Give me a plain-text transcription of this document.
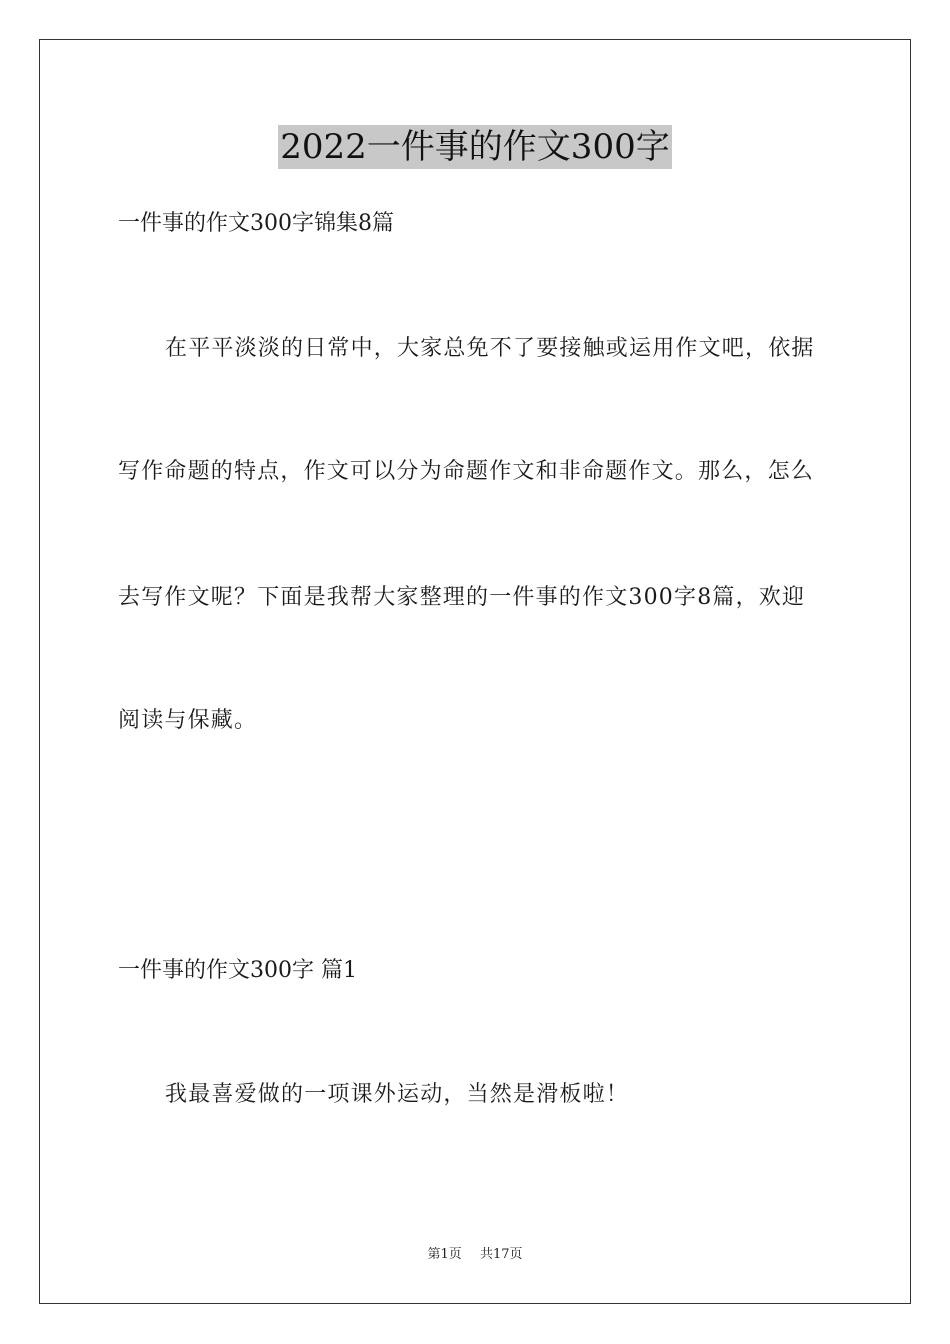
2022一件事的作文300字
一件事的作文300字锦集8篇
在平平淡淡的日常中，大家总免不了要接触或运用作文吧，依据
写作命题的特点，作文可以分为命题作文和非命题作文。那么，怎么
去写作文呢？下面是我帮大家整理的一件事的作文300字8篇，欢迎
阅读与保藏。
一件事的作文300字 篇1
我最喜爱做的一项课外运动，当然是滑板啦！
第1页 共17页
